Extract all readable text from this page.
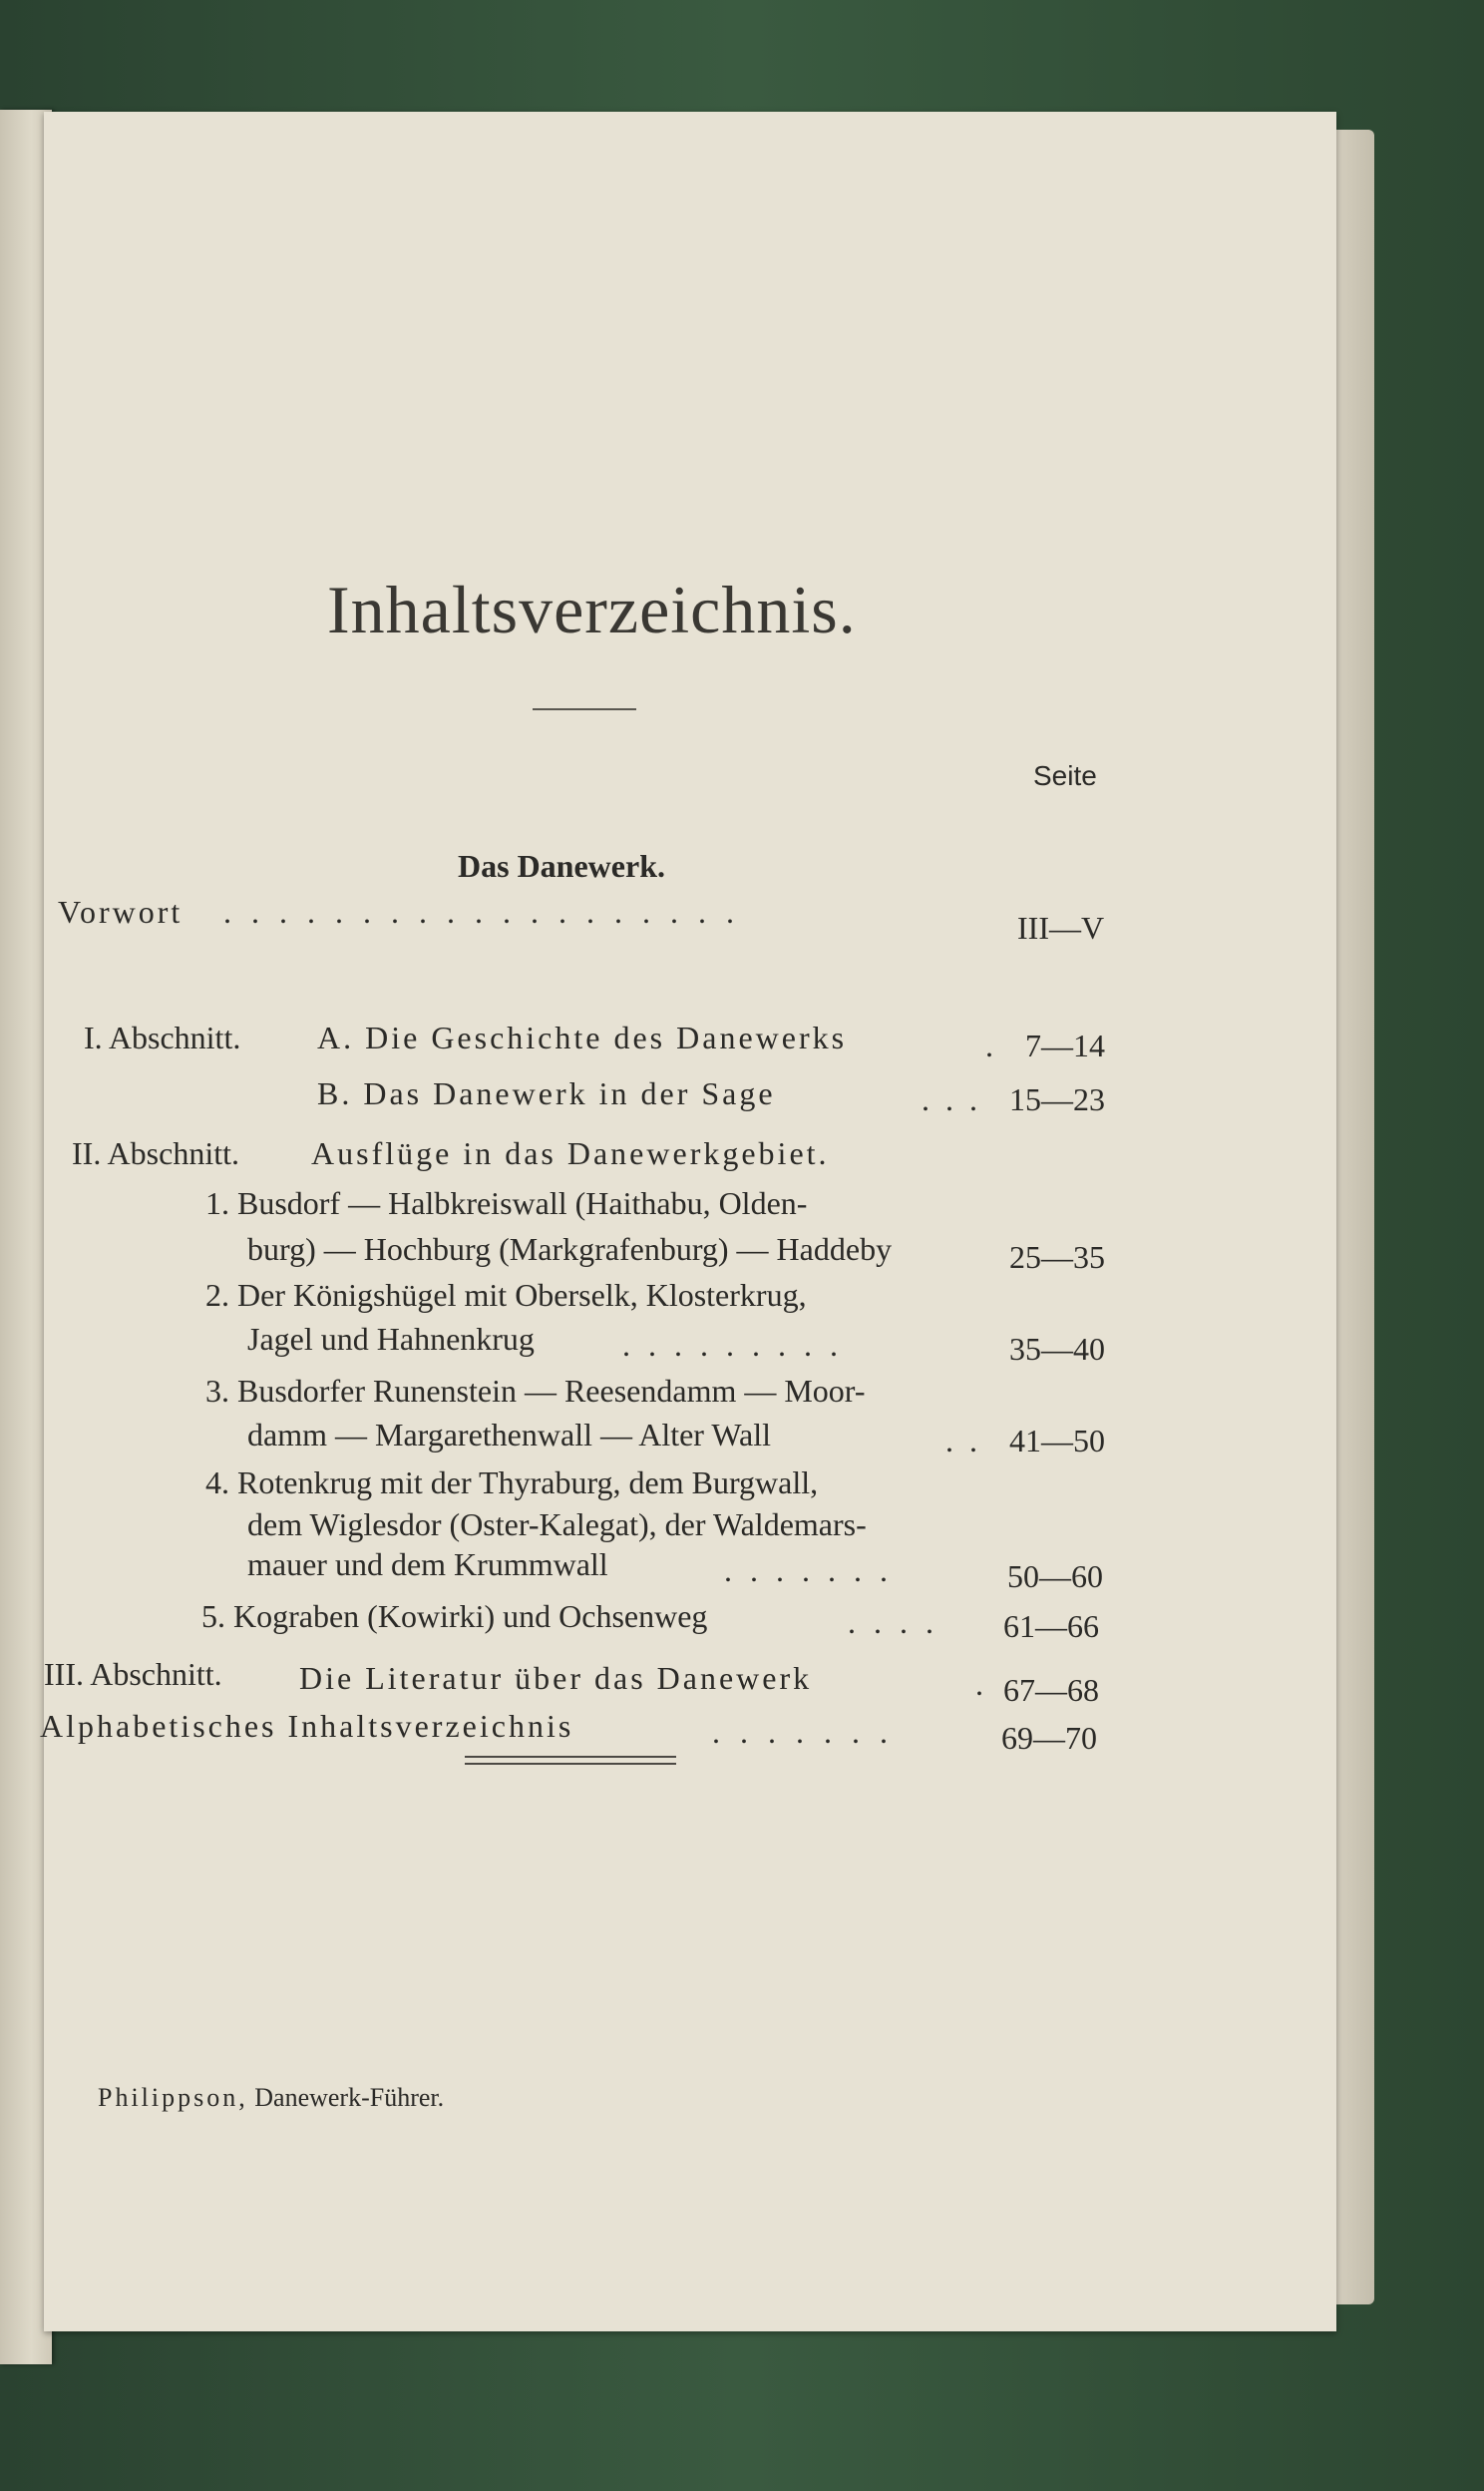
Inhaltsverzeichnis.
Seite
Vorwort . . . . . . . . . . . . . . . . . . .	III—V
Das Danewerk.
I. Abschnitt. A. Die Geschichte des Danewerks	. 7—14
B. Das Danewerk in der Sage	. . . 15—23
II. Abschnitt. Ausflüge in das Danewerkgebiet.
1. Busdorf — Halbkreiswall (Haithabu, Olden-
burg) — Hochburg (Markgrafenburg) — Haddeby	25—35
2. Der Königshügel mit Oberselk, Klosterkrug,
Jagel und Hahnenkrug	. . . . . . . . .	35—40
3. Busdorfer Runenstein — Reesendamm — Moor-
damm — Margarethenwall — Alter Wall	. . 41—50
4. Rotenkrug mit der Thyraburg, dem Burgwall,
dem Wiglesdor (Oster-Kalegat), der Waldemars-
mauer und dem Krummwall	. . . . . . .	50—60
5. Kograben (Kowirki) und Ochsenweg	. . . . 61—66
III. Abschnitt. Die Literatur über das Danewerk	. 67—68
Alphabetisches Inhaltsverzeichnis	. . . . . . .	69—70
Philippson, Danewerk-Führer.
